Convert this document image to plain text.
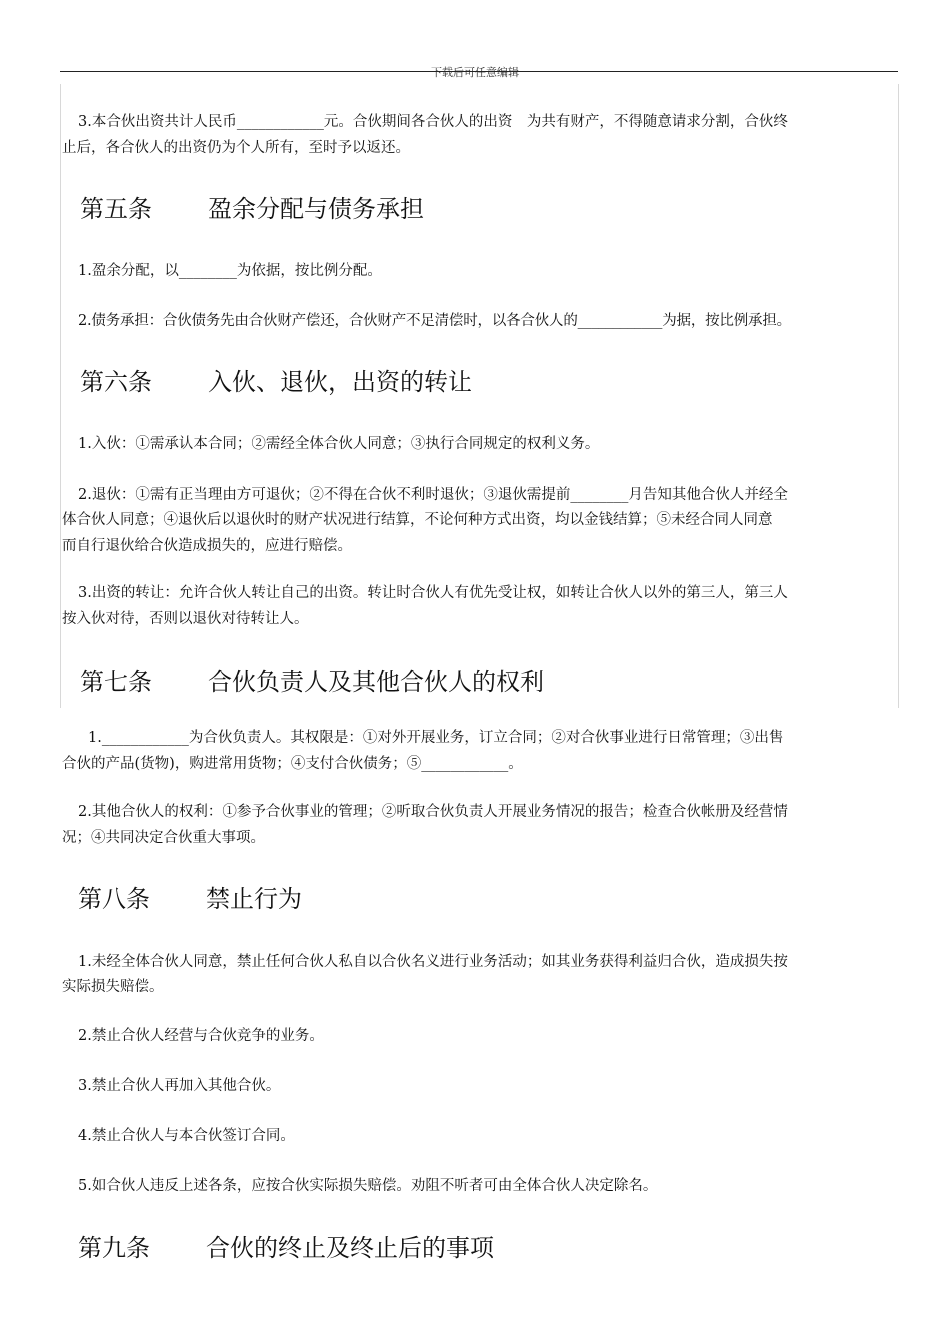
下载后可任意编辑
3.本合伙出资共计人民币____________元。合伙期间各合伙人的出资　为共有财产，不得随意请求分割，合伙终
止后，各合伙人的出资仍为个人所有，至时予以返还。
第五条 盈余分配与债务承担
1.盈余分配，以________为依据，按比例分配。
2.债务承担：合伙债务先由合伙财产偿还，合伙财产不足清偿时，以各合伙人的____________为据，按比例承担。
第六条 入伙、退伙，出资的转让
1.入伙：①需承认本合同；②需经全体合伙人同意；③执行合同规定的权利义务。
2.退伙：①需有正当理由方可退伙；②不得在合伙不利时退伙；③退伙需提前________月告知其他合伙人并经全
体合伙人同意；④退伙后以退伙时的财产状况进行结算，不论何种方式出资，均以金钱结算；⑤未经合同人同意
而自行退伙给合伙造成损失的，应进行赔偿。
3.出资的转让：允许合伙人转让自己的出资。转让时合伙人有优先受让权，如转让合伙人以外的第三人，第三人
按入伙对待，否则以退伙对待转让人。
第七条 合伙负责人及其他合伙人的权利
1.____________为合伙负责人。其权限是：①对外开展业务，订立合同；②对合伙事业进行日常管理；③出售
合伙的产品(货物)，购进常用货物；④支付合伙债务；⑤____________。
2.其他合伙人的权利：①参予合伙事业的管理；②听取合伙负责人开展业务情况的报告；检查合伙帐册及经营情
况；④共同决定合伙重大事项。
第八条 禁止行为
1.未经全体合伙人同意，禁止任何合伙人私自以合伙名义进行业务活动；如其业务获得利益归合伙，造成损失按
实际损失赔偿。
2.禁止合伙人经营与合伙竞争的业务。
3.禁止合伙人再加入其他合伙。
4.禁止合伙人与本合伙签订合同。
5.如合伙人违反上述各条，应按合伙实际损失赔偿。劝阻不听者可由全体合伙人决定除名。
第九条 合伙的终止及终止后的事项
